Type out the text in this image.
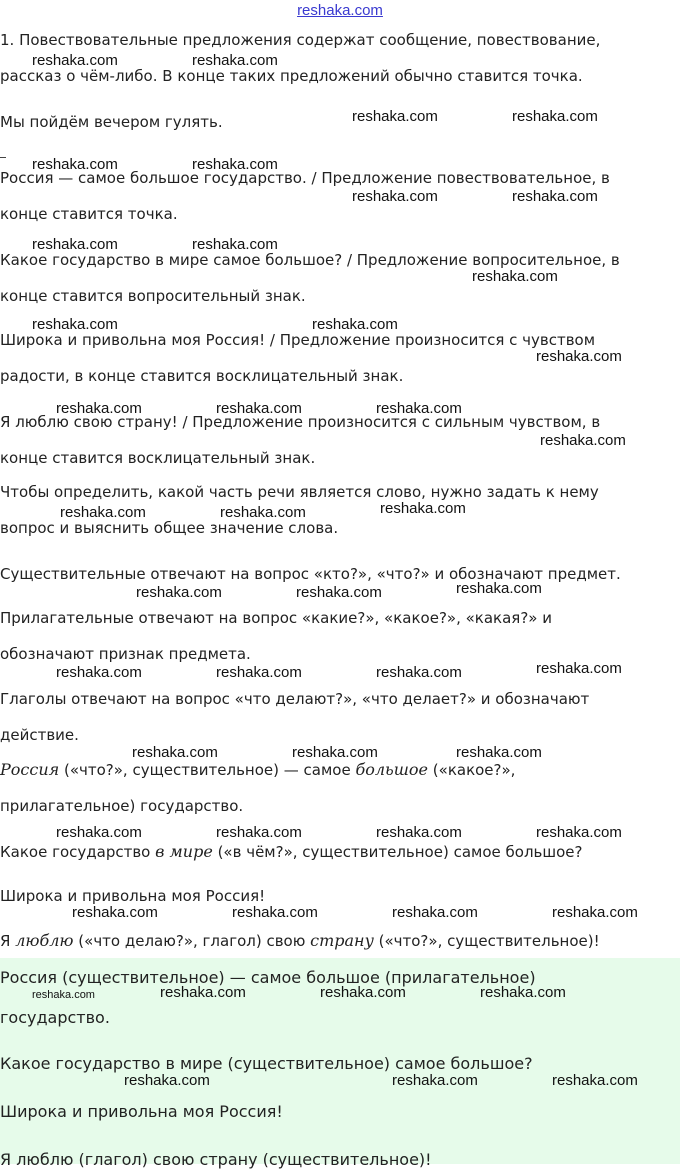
reshaka.com

1. Повествовательные предложения содержат сообщение, повествование,

рассказ о чём-либо. В конце таких предложений обычно ставится точка.

Мы пойдём вечером гулять.

Россия — самое большое государство. / Предложение повествовательное, в

конце ставится точка.

Какое государство в мире самое большое? / Предложение вопросительное, в

конце ставится вопросительный знак.

Широка и привольна моя Россия! / Предложение произносится с чувством

радости, в конце ставится восклицательный знак.

Я люблю свою страну! / Предложение произносится с сильным чувством, в

конце ставится восклицательный знак.

Чтобы определить, какой часть речи является слово, нужно задать к нему

вопрос и выяснить общее значение слова.

Существительные отвечают на вопрос «кто?», «что?» и обозначают предмет.

Прилагательные отвечают на вопрос «какие?», «какое?», «какая?» и

обозначают признак предмета.

Глаголы отвечают на вопрос «что делают?», «что делает?» и обозначают

действие.

Россия («что?», существительное) — самое большое («какое?»,

прилагательное) государство.

Какое государство в мире («в чём?», существительное) самое большое?

Широка и привольна моя Россия!

Я люблю («что делаю?», глагол) свою страну («что?», существительное)!

Россия (существительное) — самое большое (прилагательное)

государство.

Какое государство в мире (существительное) самое большое?

Широка и привольна моя Россия!

Я люблю (глагол) свою страну (существительное)!

reshaka.com	reshaka.com
reshaka.com	reshaka.com
reshaka.com	reshaka.com
reshaka.com	reshaka.com
reshaka.com	reshaka.com
reshaka.com
reshaka.com	reshaka.com
reshaka.com
reshaka.com	reshaka.com	reshaka.com
reshaka.com
reshaka.com
reshaka.com	reshaka.com
reshaka.com
reshaka.com	reshaka.com
reshaka.com
reshaka.com	reshaka.com	reshaka.com
reshaka.com	reshaka.com	reshaka.com
reshaka.com	reshaka.com	reshaka.com	reshaka.com
reshaka.com	reshaka.com	reshaka.com	reshaka.com
reshaka.com	reshaka.com	reshaka.com	reshaka.com
reshaka.com	reshaka.com	reshaka.com
